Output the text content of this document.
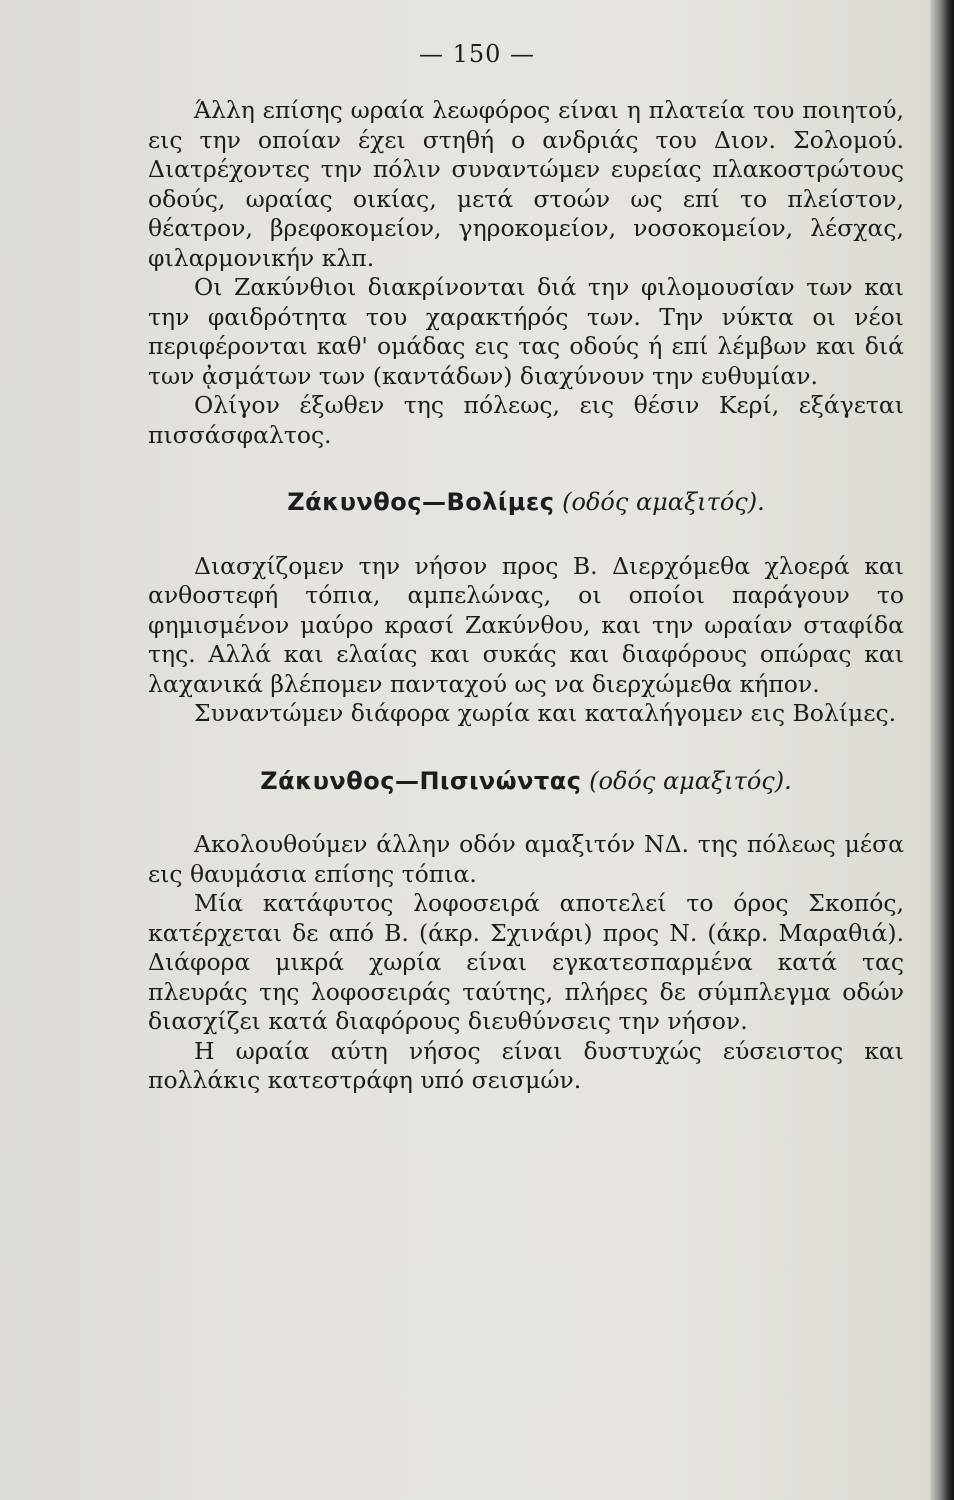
— 150 —

Άλλη επίσης ωραία λεωφόρος είναι η πλατεία του ποιητού, εις την οποίαν έχει στηθή ο ανδριάς του Διον. Σολομού. Διατρέχοντες την πόλιν συναντώμεν ευρείας πλακοστρώτους οδούς, ωραίας οικίας, μετά στοών ως επί το πλείστον, θέατρον, βρεφοκομείον, γηροκομείον, νοσοκομείον, λέσχας, φιλαρμονικήν κλπ.

Οι Ζακύνθιοι διακρίνονται διά την φιλομουσίαν των και την φαιδρότητα του χαρακτήρός των. Την νύκτα οι νέοι περιφέρονται καθ' ομάδας εις τας οδούς ή επί λέμβων και διά των ᾀσμάτων των (καντάδων) διαχύνουν την ευθυμίαν.

Ολίγον έξωθεν της πόλεως, εις θέσιν Κερί, εξάγεται πισσάσφαλτος.

Ζάκυνθος—Βολίμες (οδός αμαξιτός).

Διασχίζομεν την νήσον προς Β. Διερχόμεθα χλοερά και ανθοστεφή τόπια, αμπελώνας, οι οποίοι παράγουν το φημισμένον μαύρο κρασί Ζακύνθου, και την ωραίαν σταφίδα της. Αλλά και ελαίας και συκάς και διαφόρους οπώρας και λαχανικά βλέπομεν πανταχού ως να διερχώμεθα κήπον.

Συναντώμεν διάφορα χωρία και καταλήγομεν εις Βολίμες.

Ζάκυνθος—Πισινώντας (οδός αμαξιτός).

Ακολουθούμεν άλλην οδόν αμαξιτόν ΝΔ. της πόλεως μέσα εις θαυμάσια επίσης τόπια.

Μία κατάφυτος λοφοσειρά αποτελεί το όρος Σκοπός, κατέρχεται δε από Β. (άκρ. Σχινάρι) προς Ν. (άκρ. Μαραθιά). Διάφορα μικρά χωρία είναι εγκατεσπαρμένα κατά τας πλευράς της λοφοσειράς ταύτης, πλήρες δε σύμπλεγμα οδών διασχίζει κατά διαφόρους διευθύνσεις την νήσον.

Η ωραία αύτη νήσος είναι δυστυχώς εύσειστος και πολλάκις κατεστράφη υπό σεισμών.
